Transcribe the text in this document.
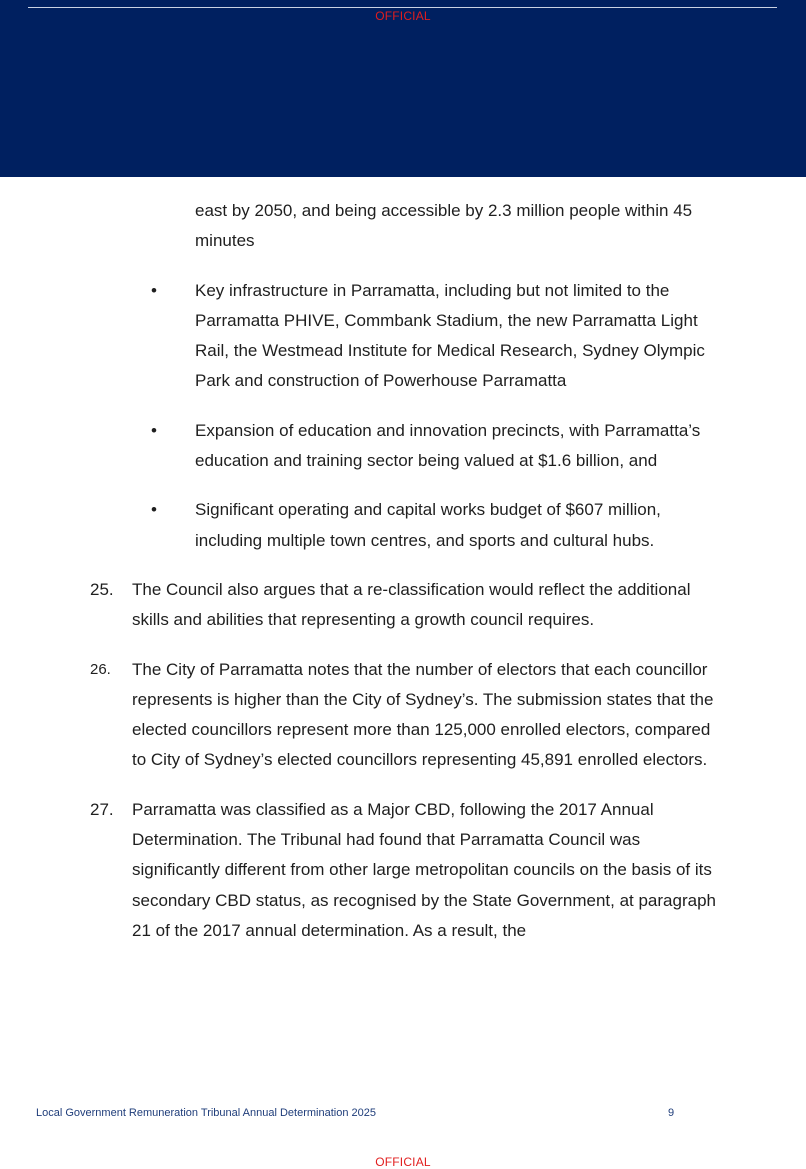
OFFICIAL
east by 2050, and being accessible by 2.3 million people within 45 minutes
•	Key infrastructure in Parramatta, including but not limited to the Parramatta PHIVE, Commbank Stadium, the new Parramatta Light Rail, the Westmead Institute for Medical Research, Sydney Olympic Park and construction of Powerhouse Parramatta
•	Expansion of education and innovation precincts, with Parramatta’s education and training sector being valued at $1.6 billion, and
•	Significant operating and capital works budget of $607 million, including multiple town centres, and sports and cultural hubs.
25.	The Council also argues that a re-classification would reflect the additional skills and abilities that representing a growth council requires.
26.	The City of Parramatta notes that the number of electors that each councillor represents is higher than the City of Sydney’s. The submission states that the elected councillors represent more than 125,000 enrolled electors, compared to City of Sydney’s elected councillors representing 45,891 enrolled electors.
27.	Parramatta was classified as a Major CBD, following the 2017 Annual Determination. The Tribunal had found that Parramatta Council was significantly different from other large metropolitan councils on the basis of its secondary CBD status, as recognised by the State Government, at paragraph 21 of the 2017 annual determination. As a result, the
Local Government Remuneration Tribunal Annual Determination 2025	9
OFFICIAL
